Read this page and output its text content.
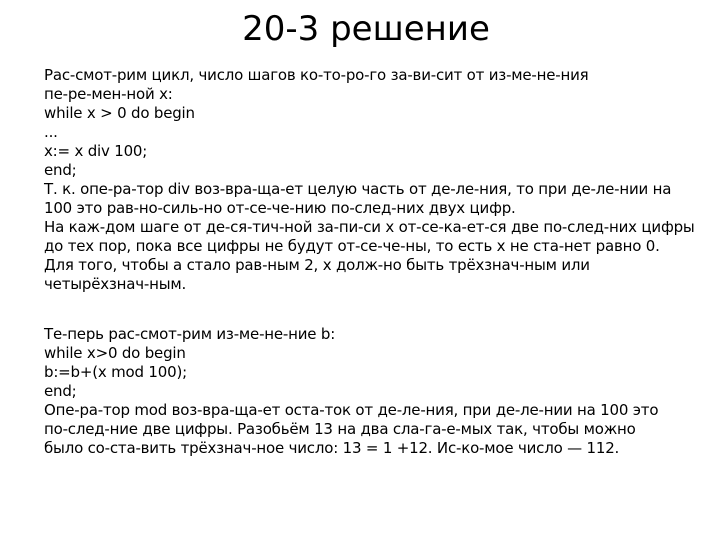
20-3 решение
Рас-смот-рим цикл, число шагов ко-то-ро-го за-ви-сит от из-ме-не-ния
пе-ре-мен-ной x:
while x > 0 do begin
...
x:= x div 100;
end;
Т. к. опе-ра-тор div воз-вра-ща-ет целую часть от де-ле-ния, то при де-ле-нии на
100 это рав-но-силь-но от-се-че-нию по-след-них двух цифр.
На каж-дом шаге от де-ся-тич-ной за-пи-си x от-се-ка-ет-ся две по-след-них цифры
до тех пор, пока все цифры не будут от-се-че-ны, то есть x не ста-нет равно 0.
Для того, чтобы a стало рав-ным 2, x долж-но быть трёхзнач-ным или
четырёхзнач-ным.
Те-перь рас-смот-рим из-ме-не-ние b:
while x>0 do begin
b:=b+(x mod 100);
end;
Опе-ра-тор mod воз-вра-ща-ет оста-ток от де-ле-ния, при де-ле-нии на 100 это
по-след-ние две цифры. Разобьём 13 на два сла-га-е-мых так, чтобы можно
было со-ста-вить трёхзнач-ное число: 13 = 1 +12. Ис-ко-мое число — 112.
